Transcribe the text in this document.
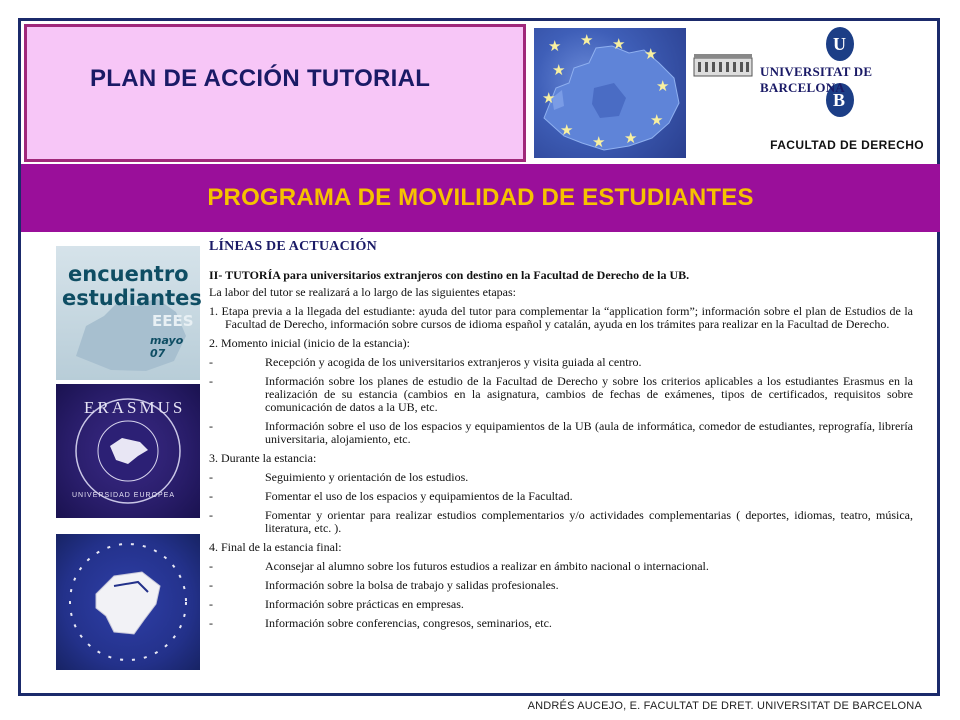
PLAN DE ACCIÓN TUTORIAL
★ ★ ★
★
★
★
★
★
★
★
★
U
B
UNIVERSITAT DE BARCELONA
FACULTAD DE DERECHO
PROGRAMA DE MOVILIDAD DE ESTUDIANTES
encuentro
estudiantes
EEES
mayo 07
ERASMUS
UNIVERSIDAD EUROPEA
LÍNEAS DE ACTUACIÓN
II- TUTORÍA para universitarios extranjeros con destino en la Facultad de Derecho de la UB.
La labor del tutor se realizará a lo largo de las siguientes etapas:
1. Etapa previa a la llegada del estudiante: ayuda del tutor para complementar la “application form”; información sobre el plan de Estudios de la Facultad de Derecho, información sobre cursos de idioma español y catalán, ayuda en los trámites para realizar en la Facultad de Derecho.
2. Momento inicial (inicio de la estancia):
-	Recepción y acogida de los universitarios extranjeros y visita guiada al centro.
-	Información sobre los planes de estudio de la Facultad de Derecho y sobre los criterios aplicables a los estudiantes Erasmus en la realización de su estancia (cambios en la asignatura, cambios de fechas de exámenes, tipos de certificados, requisitos sobre comunicación de datos a la UB, etc.
-	Información sobre el uso de los espacios y equipamientos de la UB (aula de informática, comedor de estudiantes, reprografía, librería universitaria, alojamiento, etc.
3. Durante la estancia:
-	Seguimiento y orientación de los estudios.
-	Fomentar el uso de los espacios y equipamientos de la Facultad.
-	Fomentar y orientar para realizar estudios complementarios y/o actividades complementarias ( deportes, idiomas, teatro, música, literatura, etc. ).
4. Final de la estancia final:
-	Aconsejar al alumno sobre los futuros estudios a realizar en ámbito nacional o internacional.
-	Información sobre la bolsa de trabajo y salidas profesionales.
-	Información sobre prácticas en empresas.
-	Información sobre conferencias, congresos, seminarios, etc.
ANDRÉS AUCEJO, E. FACULTAT DE DRET. UNIVERSITAT DE BARCELONA
